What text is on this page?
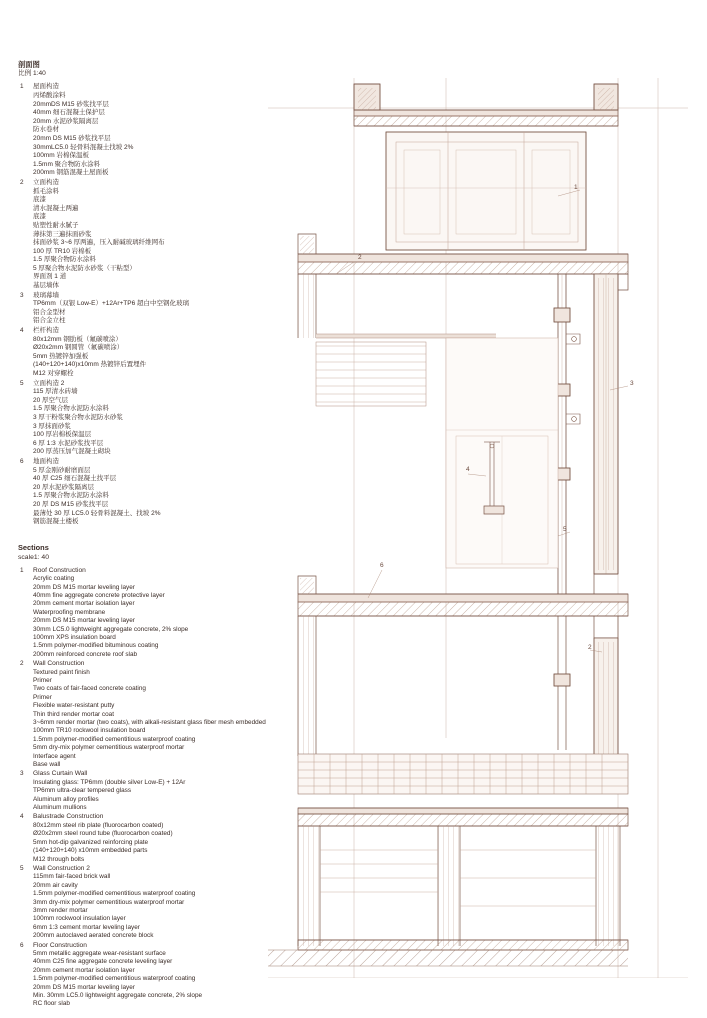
剖面图
比例 1:40
1	屋面构造
丙烯酸涂料
20mmDS M15 砂浆找平层
40mm 细石混凝土保护层
20mm 水泥砂浆隔离层
防水卷材
20mm DS M15 砂浆找平层
30mmLC5.0 轻骨料混凝土找坡 2%
100mm 岩棉保温板
1.5mm 聚合物防水涂料
200mm 钢筋混凝土屋面板
2	立面构造
抓毛涂料
底漆
清水混凝土两遍
底漆
贴塑性耐水腻子
薄抹第三遍抹面砂浆
抹面砂浆 3~6 厚两遍，压入耐碱玻璃纤维网布
100 厚 TR10 岩棉板
1.5 厚聚合物防水涂料
5 厚聚合物水泥防水砂浆（干粘型）
界面剂 1 道
基层墙体
3	玻璃幕墙
TP6mm（双银 Low-E）+12Ar+TP6 超白中空钢化玻璃
铝合金型材
铝合金立柱
4	栏杆构造
80x12mm 钢肋板（氟碳喷涂）
Ø20x2mm 钢圆管（氟碳喷涂）
5mm 热镀锌加强板
(140+120+140)x10mm 热镀锌后置埋件
M12 对穿螺栓
5	立面构造 2
115 厚清水砖墙
20 厚空气层
1.5 厚聚合物水泥防水涂料
3 厚干粉浆聚合物水泥防水砂浆
3 厚抹面砂浆
100 厚岩棉板保温层
6 厚 1:3 水泥砂浆找平层
200 厚蒸压加气混凝土砌块
6	地面构造
5 厚金刚砂耐磨面层
40 厚 C25 细石混凝土找平层
20 厚水泥砂浆隔离层
1.5 厚聚合物水泥防水涂料
20 厚 DS M15 砂浆找平层
最薄处 30 厚 LC5.0 轻骨料混凝土、找坡 2%
钢筋混凝土楼板
Sections
scale1: 40
1	Roof Construction
Acrylic coating
20mm DS M15 mortar leveling layer
40mm fine aggregate concrete protective layer
20mm cement mortar isolation layer
Waterproofing membrane
20mm DS M15 mortar leveling layer
30mm LC5.0 lightweight aggregate concrete, 2% slope
100mm XPS insulation board
1.5mm polymer-modified bituminous coating
200mm reinforced concrete roof slab
2	Wall Construction
Textured paint finish
Primer
Two coats of fair-faced concrete coating
Primer
Flexible water-resistant putty
Thin third render mortar coat
3~6mm render mortar (two coats), with alkali-resistant glass fiber mesh embedded
100mm TR10 rockwool insulation board
1.5mm polymer-modified cementitious waterproof coating
5mm dry-mix polymer cementitious waterproof mortar
Interface agent
Base wall
3	Glass Curtain Wall
Insulating glass: TP6mm (double silver Low-E) + 12Ar
TP6mm ultra-clear tempered glass
Aluminum alloy profiles
Aluminum mullions
4	Balustrade Construction
80x12mm steel rib plate (fluorocarbon coated)
Ø20x2mm steel round tube (fluorocarbon coated)
5mm hot-dip galvanized reinforcing plate
(140+120+140) x10mm embedded parts
M12 through bolts
5	Wall Construction 2
115mm fair-faced brick wall
20mm air cavity
1.5mm polymer-modified cementitious waterproof coating
3mm dry-mix polymer cementitious waterproof mortar
3mm render mortar
100mm rockwool insulation layer
6mm 1:3 cement mortar leveling layer
200mm autoclaved aerated concrete block
6	Floor Construction
5mm metallic aggregate wear-resistant surface
40mm C25 fine aggregate concrete leveling layer
20mm cement mortar isolation layer
1.5mm polymer-modified cementitious waterproof coating
20mm DS M15 mortar leveling layer
Min. 30mm LC5.0 lightweight aggregate concrete, 2% slope
RC floor slab
1
2
3
4
5
6
2
